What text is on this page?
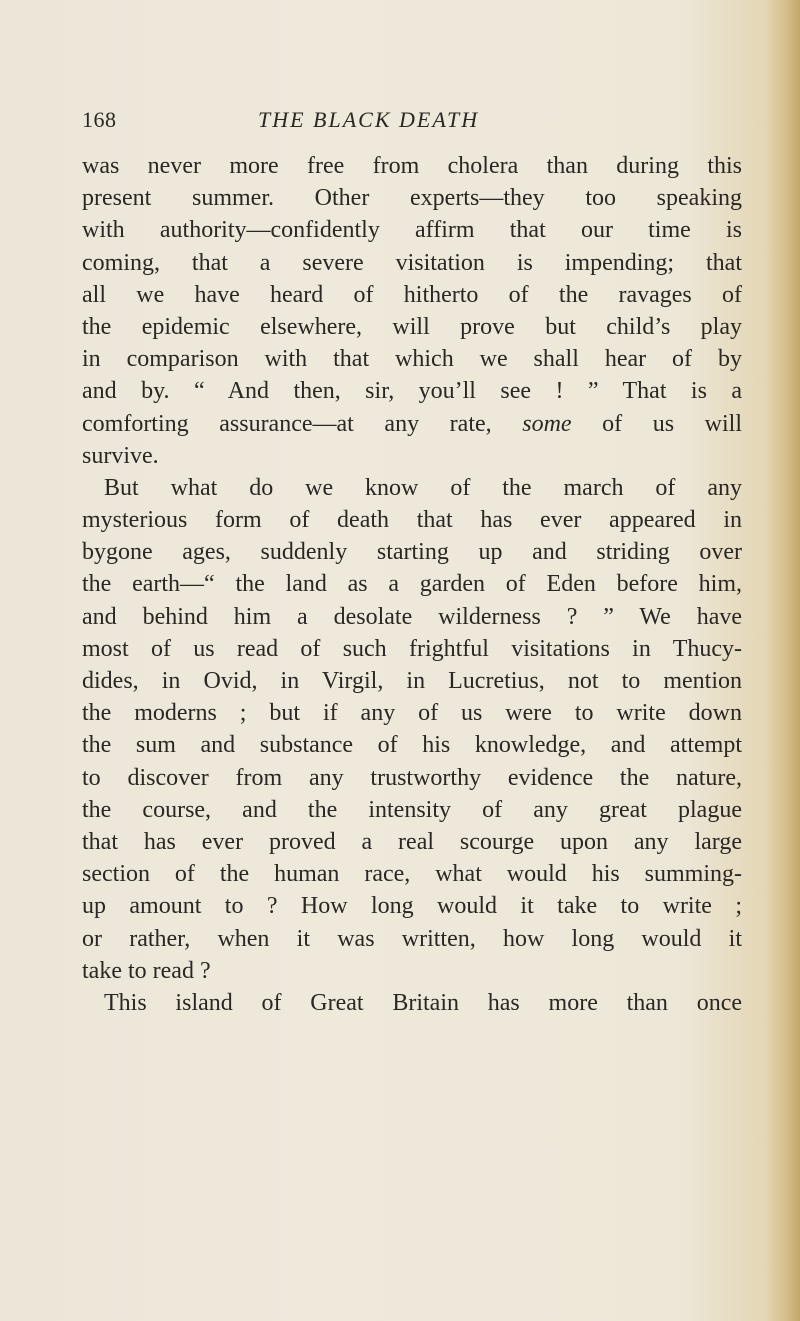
168	THE BLACK DEATH
was never more free from cholera than during this
present summer. Other experts—they too speaking
with authority—confidently affirm that our time is
coming, that a severe visitation is impending; that
all we have heard of hitherto of the ravages of
the epidemic elsewhere, will prove but child’s play
in comparison with that which we shall hear of by
and by. “ And then, sir, you’ll see ! ” That is a
comforting assurance—at any rate, some of us will
survive.
But what do we know of the march of any
mysterious form of death that has ever appeared in
bygone ages, suddenly starting up and striding over
the earth—“ the land as a garden of Eden before him,
and behind him a desolate wilderness ? ” We have
most of us read of such frightful visitations in Thucy-
dides, in Ovid, in Virgil, in Lucretius, not to mention
the moderns ; but if any of us were to write down
the sum and substance of his knowledge, and attempt
to discover from any trustworthy evidence the nature,
the course, and the intensity of any great plague
that has ever proved a real scourge upon any large
section of the human race, what would his summing-
up amount to ? How long would it take to write ;
or rather, when it was written, how long would it
take to read ?
This island of Great Britain has more than once
